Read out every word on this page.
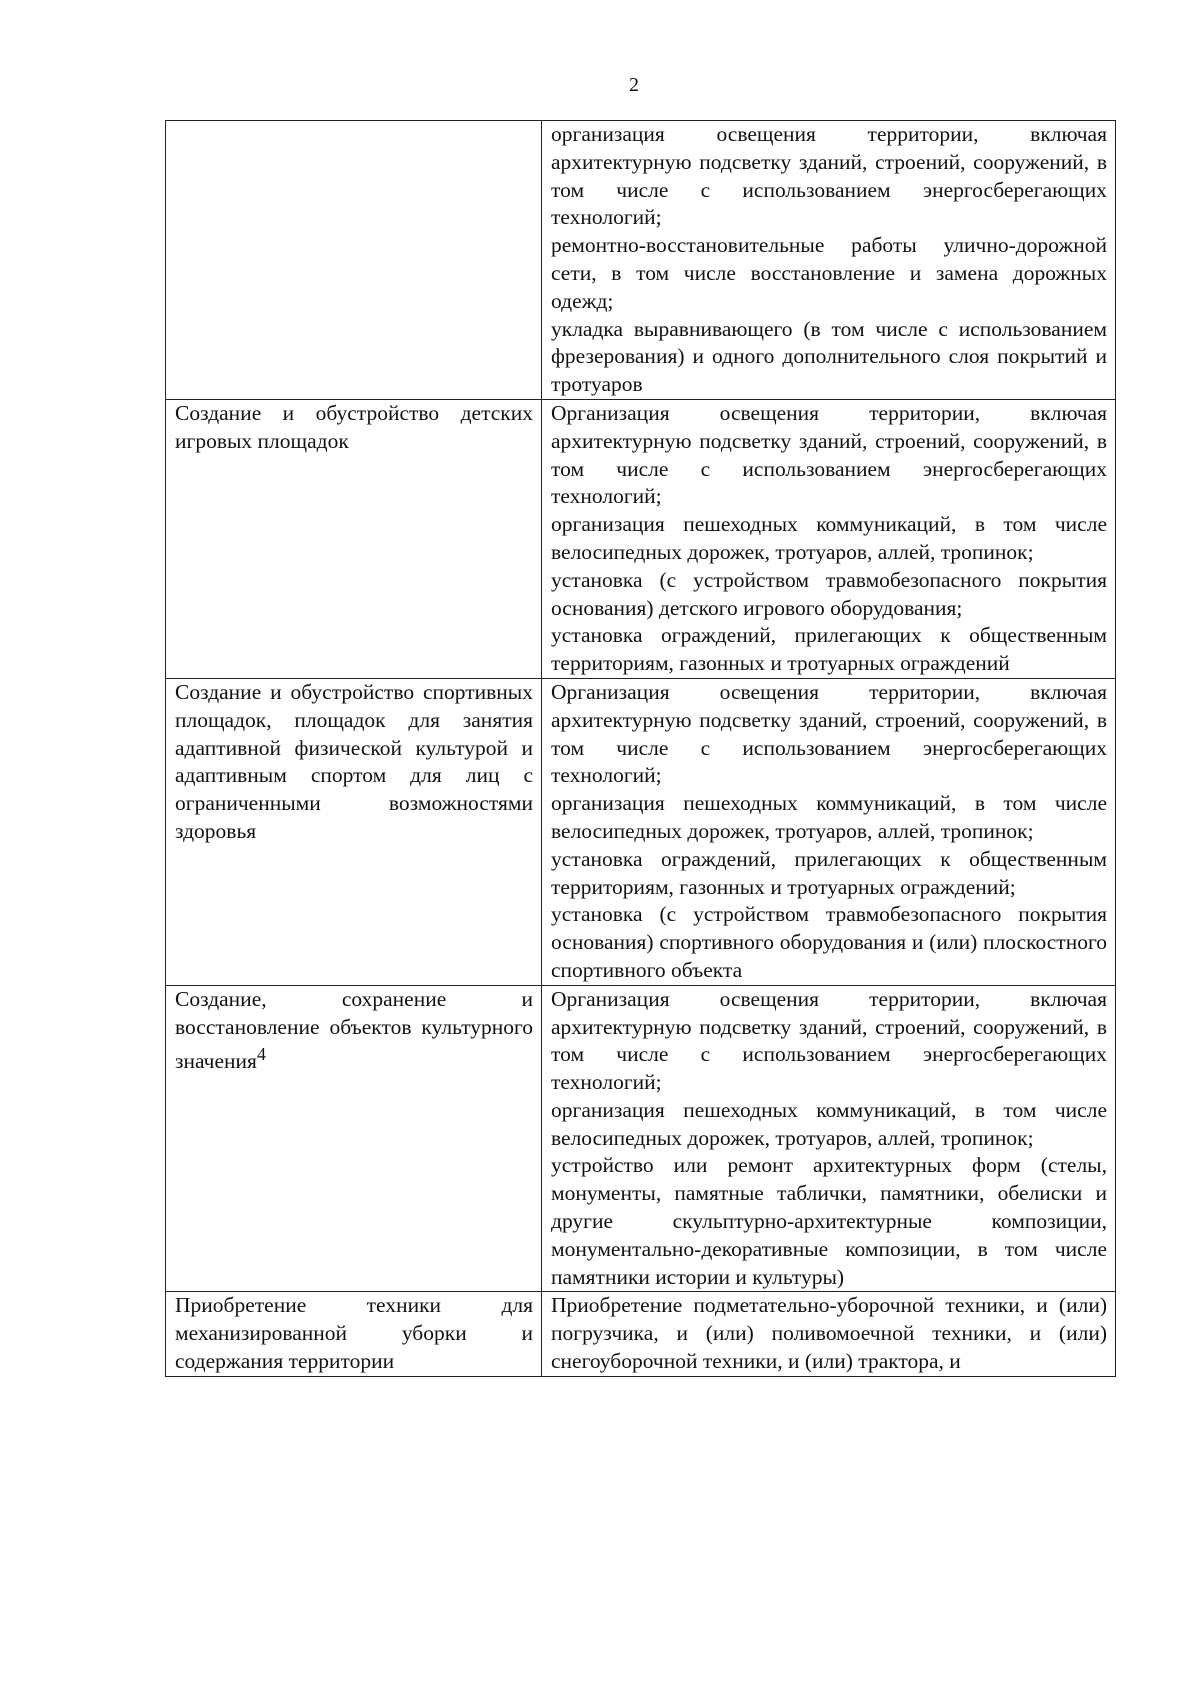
2

	организация освещения территории, включая архитектурную подсветку зданий, строений, сооружений, в том числе с использованием энергосберегающих технологий;
ремонтно-восстановительные работы улично-дорожной сети, в том числе восстановление и замена дорожных одежд;
укладка выравнивающего (в том числе с использованием фрезерования) и одного дополнительного слоя покрытий и тротуаров

Создание и обустройство детских игровых площадок	Организация освещения территории, включая архитектурную подсветку зданий, строений, сооружений, в том числе с использованием энергосберегающих технологий;
организация пешеходных коммуникаций, в том числе велосипедных дорожек, тротуаров, аллей, тропинок;
установка (с устройством травмобезопасного покрытия основания) детского игрового оборудования;
установка ограждений, прилегающих к общественным территориям, газонных и тротуарных ограждений

Создание и обустройство спортивных площадок, площадок для занятия адаптивной физической культурой и адаптивным спортом для лиц с ограниченными возможностями здоровья	Организация освещения территории, включая архитектурную подсветку зданий, строений, сооружений, в том числе с использованием энергосберегающих технологий;
организация пешеходных коммуникаций, в том числе велосипедных дорожек, тротуаров, аллей, тропинок;
установка ограждений, прилегающих к общественным территориям, газонных и тротуарных ограждений;
установка (с устройством травмобезопасного покрытия основания) спортивного оборудования и (или) плоскостного спортивного объекта

Создание, сохранение и восстановление объектов культурного значения$^4$	Организация освещения территории, включая архитектурную подсветку зданий, строений, сооружений, в том числе с использованием энергосберегающих технологий;
организация пешеходных коммуникаций, в том числе велосипедных дорожек, тротуаров, аллей, тропинок;
устройство или ремонт архитектурных форм (стелы, монументы, памятные таблички, памятники, обелиски и другие скульптурно-архитектурные композиции, монументально-декоративные композиции, в том числе памятники истории и культуры)

Приобретение техники для механизированной уборки и содержания территории	Приобретение подметательно-уборочной техники, и (или) погрузчика, и (или) поливомоечной техники, и (или) снегоуборочной техники, и (или) трактора, и
